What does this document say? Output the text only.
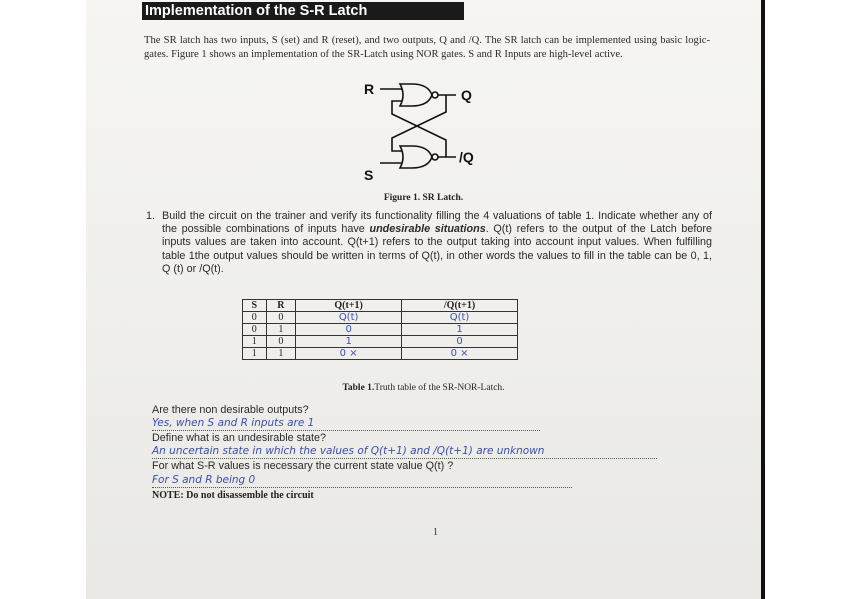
Implementation of the S-R Latch
The SR latch has two inputs, S (set) and R (reset), and two outputs, Q and /Q. The SR latch can be implemented using basic logic-gates. Figure 1 shows an implementation of the SR-Latch using NOR gates. S and R Inputs are high-level active.
R
S
Q
/Q
Figure 1. SR Latch.
1. Build the circuit on the trainer and verify its functionality filling the 4 valuations of table 1. Indicate whether any of the possible combinations of inputs have undesirable situations. Q(t) refers to the output of the Latch before inputs values are taken into account. Q(t+1) refers to the output taking into account input values. When fulfilling table 1the output values should be written in terms of Q(t), in other words the values to fill in the table can be 0, 1, Q (t) or /Q(t).
S	R	Q(t+1)	/Q(t+1)
0	0	Q(t)	Q(t)
0	1	0	1
1	0	1	0
1	1	0 ×	0 ×
Table 1.Truth table of the SR-NOR-Latch.
Are there non desirable outputs?
Yes, when S and R inputs are 1
Define what is an undesirable state?
An uncertain state in which the values of Q(t+1) and /Q(t+1) are unknown
For what S-R values is necessary the current state value Q(t) ?
For S and R being 0
NOTE: Do not disassemble the circuit
1
